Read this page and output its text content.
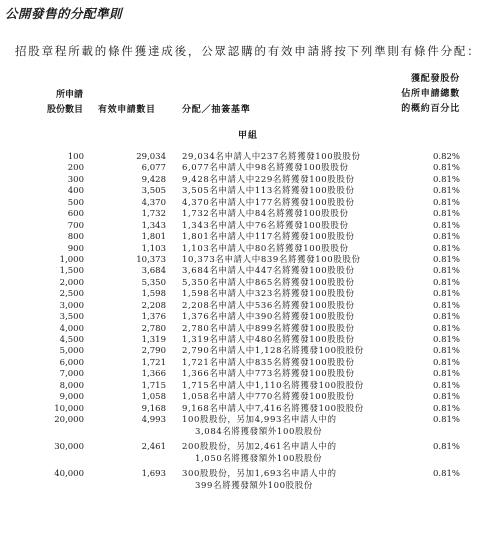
公開發售的分配準則
招股章程所載的條件獲達成後，公眾認購的有效申請將按下列準則有條件分配：
所申請
股份數目 有效申請數目	分配／抽簽基準
獲配發股份
佔所申請總數
的概約百分比
甲組
100	29,034 29,034名申請人中237名將獲發100股股份	0.82%
200	6,077 6,077名申請人中98名將獲發100股股份	0.81%
300	9,428 9,428名申請人中229名將獲發100股股份	0.81%
400	3,505 3,505名申請人中113名將獲發100股股份	0.81%
500	4,370 4,370名申請人中177名將獲發100股股份	0.81%
600	1,732 1,732名申請人中84名將獲發100股股份	0.81%
700	1,343 1,343名申請人中76名將獲發100股股份	0.81%
800	1,801 1,801名申請人中117名將獲發100股股份	0.81%
900	1,103 1,103名申請人中80名將獲發100股股份	0.81%
1,000	10,373 10,373名申請人中839名將獲發100股股份	0.81%
1,500	3,684 3,684名申請人中447名將獲發100股股份	0.81%
2,000	5,350 5,350名申請人中865名將獲發100股股份	0.81%
2,500	1,598 1,598名申請人中323名將獲發100股股份	0.81%
3,000	2,208 2,208名申請人中536名將獲發100股股份	0.81%
3,500	1,376 1,376名申請人中390名將獲發100股股份	0.81%
4,000	2,780 2,780名申請人中899名將獲發100股股份	0.81%
4,500	1,319 1,319名申請人中480名將獲發100股股份	0.81%
5,000	2,790 2,790名申請人中1,128名將獲發100股股份	0.81%
6,000	1,721 1,721名申請人中835名將獲發100股股份	0.81%
7,000	1,366 1,366名申請人中773名將獲發100股股份	0.81%
8,000	1,715 1,715名申請人中1,110名將獲發100股股份	0.81%
9,000	1,058 1,058名申請人中770名將獲發100股股份	0.81%
10,000	9,168 9,168名申請人中7,416名將獲發100股股份	0.81%
20,000	4,993 100股股份，另加4,993名申請人中的	0.81%
3,084名將獲發額外100股股份
30,000	2,461 200股股份，另加2,461名申請人中的	0.81%
1,050名將獲發額外100股股份
40,000	1,693 300股股份，另加1,693名申請人中的	0.81%
399名將獲發額外100股股份
